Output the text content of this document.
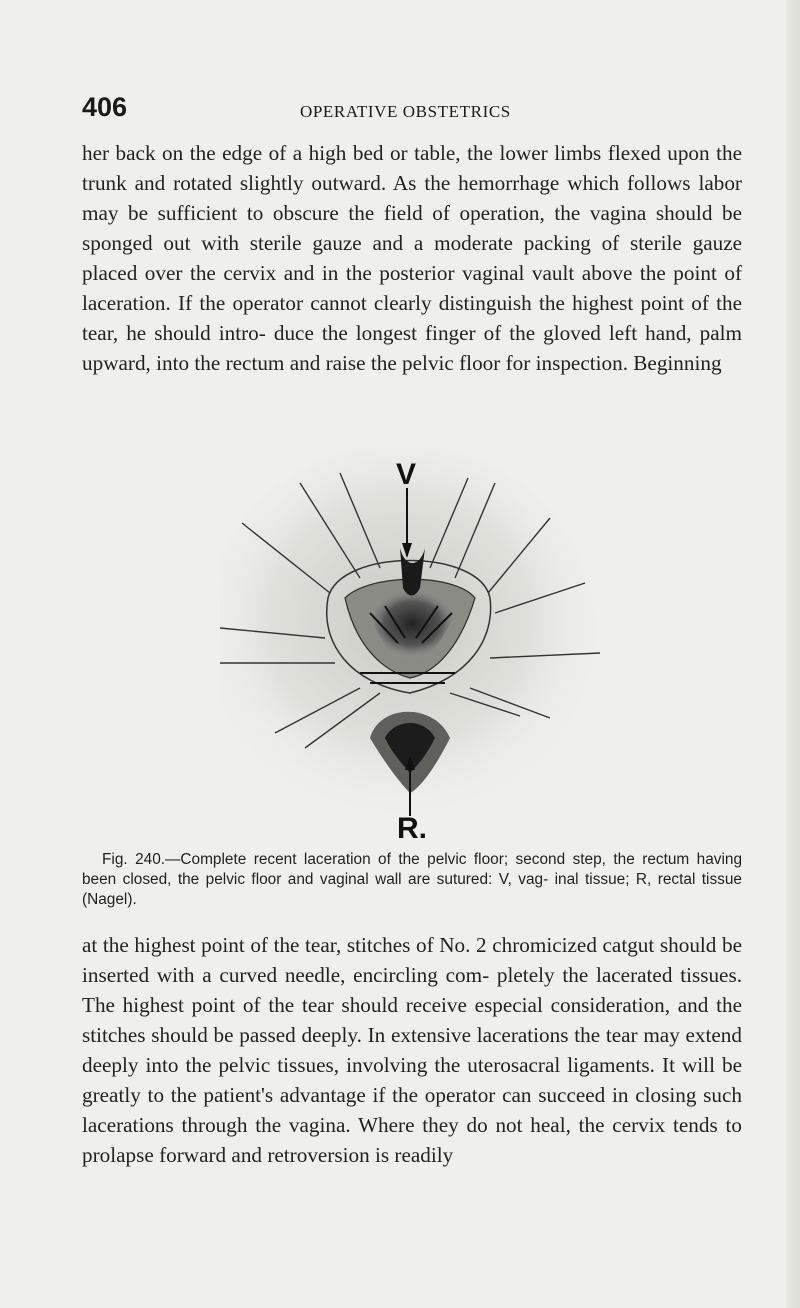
406	OPERATIVE OBSTETRICS

her back on the edge of a high bed or table, the lower limbs flexed upon the trunk and rotated slightly outward. As the hemorrhage which follows labor may be sufficient to obscure the field of operation, the vagina should be sponged out with sterile gauze and a moderate packing of sterile gauze placed over the cervix and in the posterior vaginal vault above the point of laceration. If the operator cannot clearly distinguish the highest point of the tear, he should intro- duce the longest finger of the gloved left hand, palm upward, into the rectum and raise the pelvic floor for inspection. Beginning

V
R.

Fig. 240.—Complete recent laceration of the pelvic floor; second step, the rectum having been closed, the pelvic floor and vaginal wall are sutured: V, vag- inal tissue; R, rectal tissue (Nagel).

at the highest point of the tear, stitches of No. 2 chromicized catgut should be inserted with a curved needle, encircling com- pletely the lacerated tissues. The highest point of the tear should receive especial consideration, and the stitches should be passed deeply. In extensive lacerations the tear may extend deeply into the pelvic tissues, involving the uterosacral ligaments. It will be greatly to the patient's advantage if the operator can succeed in closing such lacerations through the vagina. Where they do not heal, the cervix tends to prolapse forward and retroversion is readily
